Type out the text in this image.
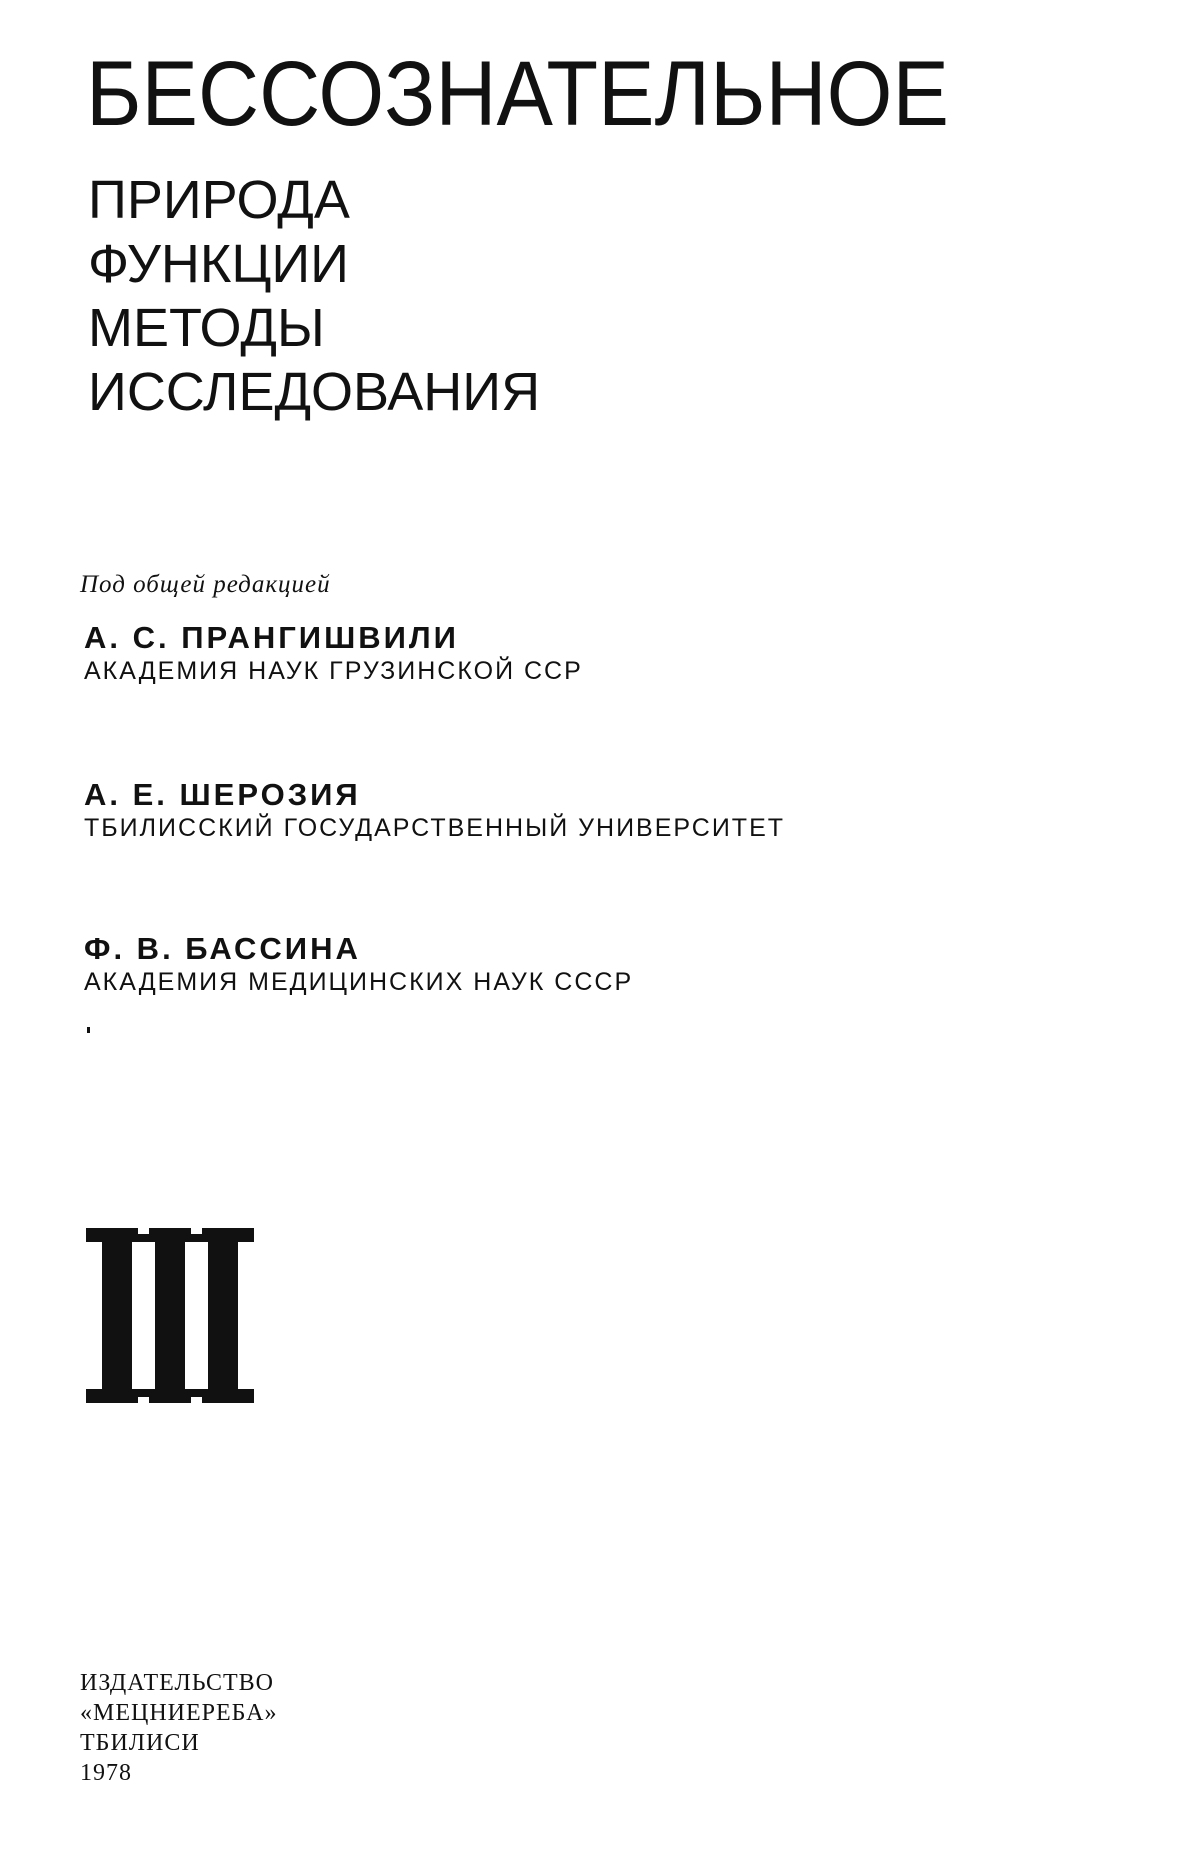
БЕССОЗНАТЕЛЬНОЕ
ПРИРОДА
ФУНКЦИИ
МЕТОДЫ
ИССЛЕДОВАНИЯ
Под общей редакцией
А. С. ПРАНГИШВИЛИ
АКАДЕМИЯ НАУК ГРУЗИНСКОЙ ССР
А. Е. ШЕРОЗИЯ
ТБИЛИССКИЙ ГОСУДАРСТВЕННЫЙ УНИВЕРСИТЕТ
Ф. В. БАССИНА
АКАДЕМИЯ МЕДИЦИНСКИХ НАУК СССР
ИЗДАТЕЛЬСТВО
«МЕЦНИЕРЕБА»
ТБИЛИСИ
1978
